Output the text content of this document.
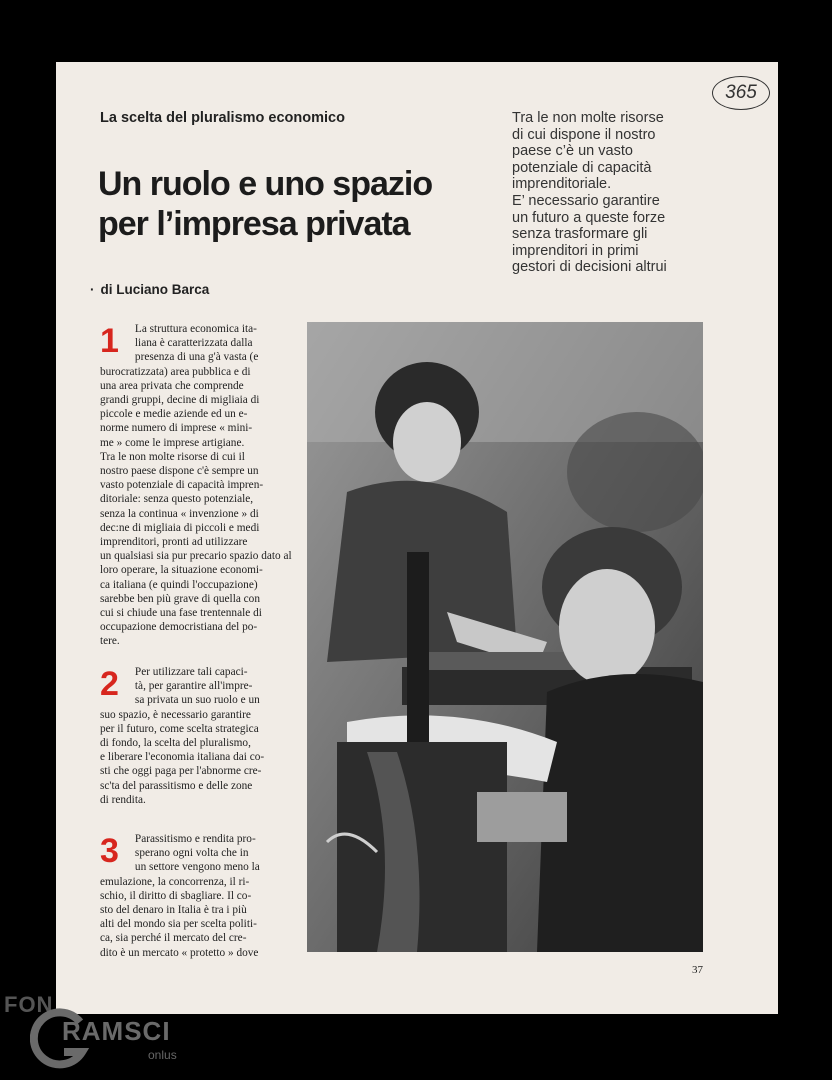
365
La scelta del pluralismo economico
Un ruolo e uno spazio
per l’impresa privata
Tra le non molte risorse
di cui dispone il nostro
paese c’è un vasto
potenziale di capacità
imprenditoriale.
E’ necessario garantire
un futuro a queste forze
senza trasformare gli
imprenditori in primi
gestori di decisioni altrui
· di Luciano Barca
1 La struttura economica ita-
liana è caratterizzata dalla
presenza di una g'à vasta (e
burocratizzata) area pubblica e di
una area privata che comprende
grandi gruppi, decine di migliaia di
piccole e medie aziende ed un e-
norme numero di imprese « mini-
me » come le imprese artigiane.
Tra le non molte risorse di cui il
nostro paese dispone c'è sempre un
vasto potenziale di capacità impren-
ditoriale: senza questo potenziale,
senza la continua « invenzione » di
dec:ne di migliaia di piccoli e medi
imprenditori, pronti ad utilizzare
un qualsiasi sia pur precario spazio dato al
loro operare, la situazione economi-
ca italiana (e quindi l'occupazione)
sarebbe ben più grave di quella con
cui si chiude una fase trentennale di
occupazione democristiana del po-
tere.
2 Per utilizzare tali capaci-
tà, per garantire all'impre-
sa privata un suo ruolo e un
suo spazio, è necessario garantire
per il futuro, come scelta strategica
di fondo, la scelta del pluralismo,
e liberare l'economia italiana dai co-
sti che oggi paga per l'abnorme cre-
sc'ta del parassitismo e delle zone
di rendita.
3 Parassitismo e rendita pro-
sperano ogni volta che in
un settore vengono meno la
emulazione, la concorrenza, il ri-
schio, il diritto di sbagliare. Il co-
sto del denaro in Italia è tra i più
alti del mondo sia per scelta politi-
ca, sia perché il mercato del cre-
dito è un mercato « protetto » dove
37
FON
RAMSCI
onlus
